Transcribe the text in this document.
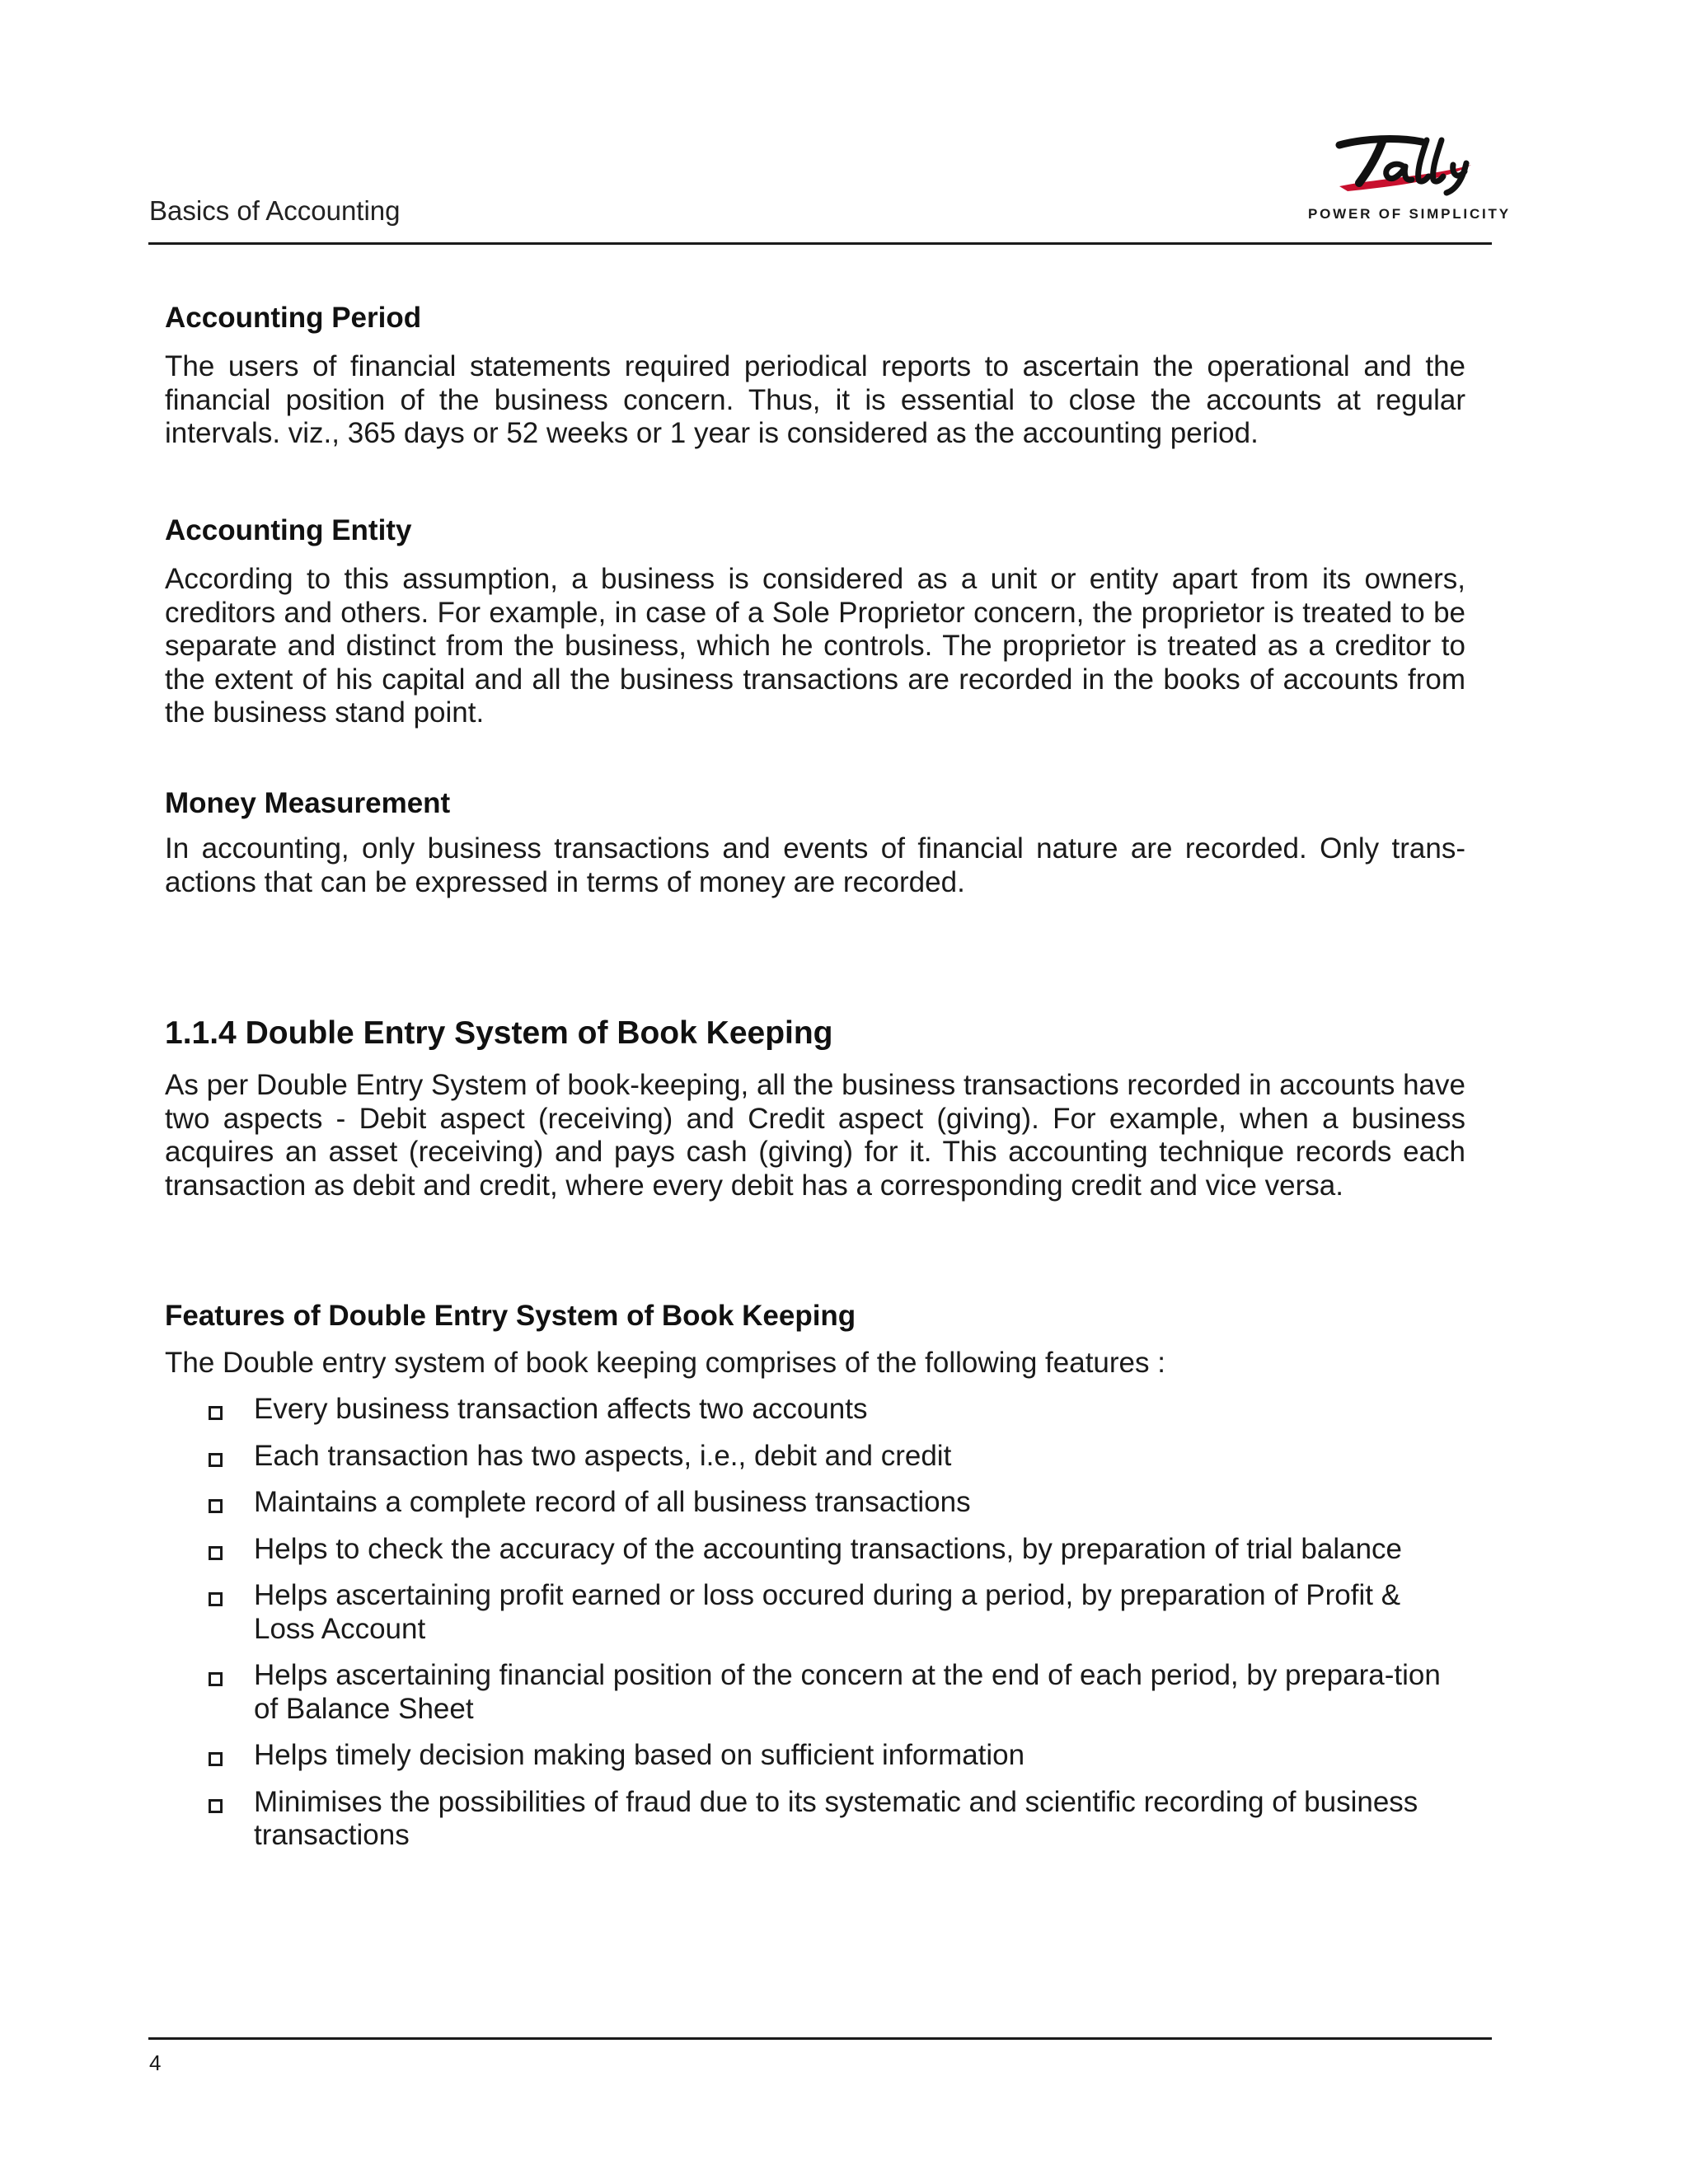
Basics of Accounting	POWER OF SIMPLICITY
Accounting Period

The users of financial statements required periodical reports to ascertain the operational and the financial position of the business concern. Thus, it is essential to close the accounts at regular intervals. viz., 365 days or 52 weeks or 1 year is considered as the accounting period.

Accounting Entity

According to this assumption, a business is considered as a unit or entity apart from its owners, creditors and others. For example, in case of a Sole Proprietor concern, the proprietor is treated to be separate and distinct from the business, which he controls. The proprietor is treated as a creditor to the extent of his capital and all the business transactions are recorded in the books of accounts from the business stand point.

Money Measurement

In accounting, only business transactions and events of financial nature are recorded. Only trans-actions that can be expressed in terms of money are recorded.

1.1.4 Double Entry System of Book Keeping

As per Double Entry System of book-keeping, all the business transactions recorded in accounts have two aspects - Debit aspect (receiving) and Credit aspect (giving). For example, when a business acquires an asset (receiving) and pays cash (giving) for it. This accounting technique records each transaction as debit and credit, where every debit has a corresponding credit and vice versa.

Features of Double Entry System of Book Keeping

The Double entry system of book keeping comprises of the following features :

Every business transaction affects two accounts
Each transaction has two aspects, i.e., debit and credit
Maintains a complete record of all business transactions
Helps to check the accuracy of the accounting transactions, by preparation of trial balance
Helps ascertaining profit earned or loss occured during a period, by preparation of Profit & Loss Account
Helps ascertaining financial position of the concern at the end of each period, by prepara-tion of Balance Sheet
Helps timely decision making based on sufficient information
Minimises the possibilities of fraud due to its systematic and scientific recording of business transactions
4
